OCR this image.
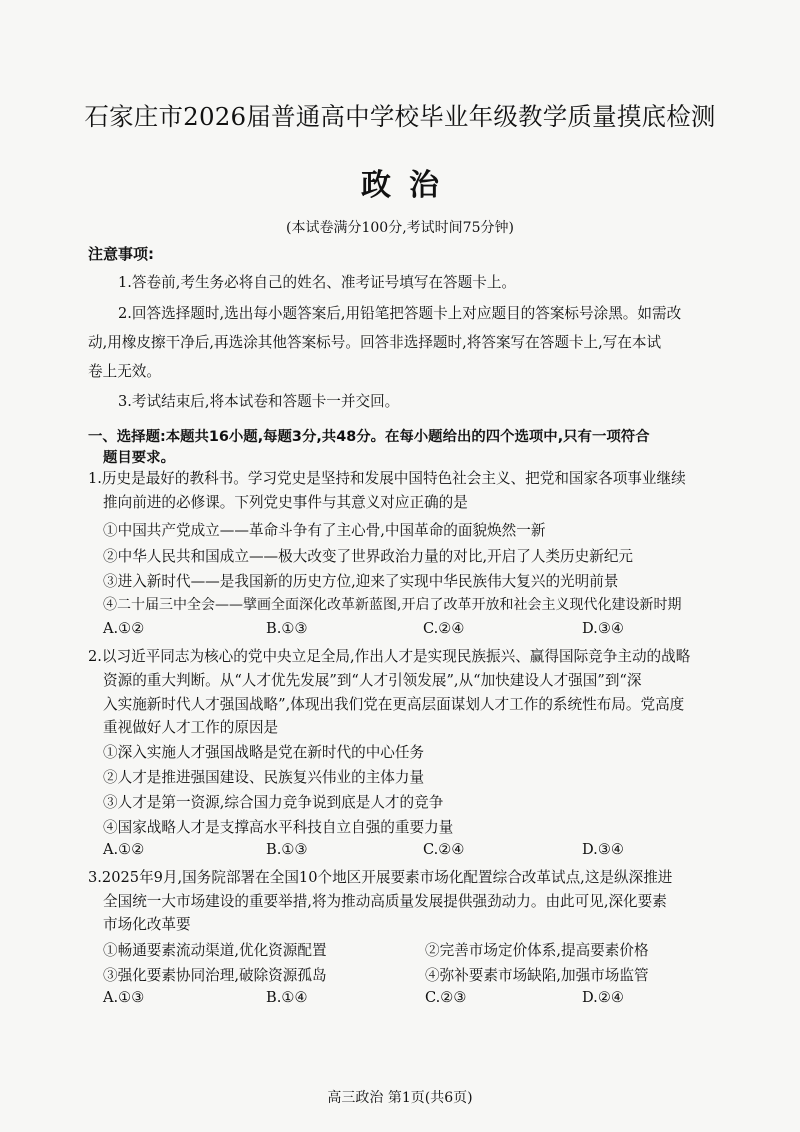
石家庄市2026届普通高中学校毕业年级教学质量摸底检测
政治
(本试卷满分100分,考试时间75分钟)
注意事项:
1.答卷前,考生务必将自己的姓名、准考证号填写在答题卡上。
2.回答选择题时,选出每小题答案后,用铅笔把答题卡上对应题目的答案标号涂黑。如需改
动,用橡皮擦干净后,再选涂其他答案标号。回答非选择题时,将答案写在答题卡上,写在本试
卷上无效。
3.考试结束后,将本试卷和答题卡一并交回。
一、选择题:本题共16小题,每题3分,共48分。在每小题给出的四个选项中,只有一项符合
题目要求。
1.历史是最好的教科书。学习党史是坚持和发展中国特色社会主义、把党和国家各项事业继续
推向前进的必修课。下列党史事件与其意义对应正确的是
①中国共产党成立——革命斗争有了主心骨,中国革命的面貌焕然一新
②中华人民共和国成立——极大改变了世界政治力量的对比,开启了人类历史新纪元
③进入新时代——是我国新的历史方位,迎来了实现中华民族伟大复兴的光明前景
④二十届三中全会——擘画全面深化改革新蓝图,开启了改革开放和社会主义现代化建设新时期
A.①②	B.①③	C.②④	D.③④
2.以习近平同志为核心的党中央立足全局,作出人才是实现民族振兴、赢得国际竞争主动的战略
资源的重大判断。从“人才优先发展”到“人才引领发展”,从“加快建设人才强国”到“深
入实施新时代人才强国战略”,体现出我们党在更高层面谋划人才工作的系统性布局。党高度
重视做好人才工作的原因是
①深入实施人才强国战略是党在新时代的中心任务
②人才是推进强国建设、民族复兴伟业的主体力量
③人才是第一资源,综合国力竞争说到底是人才的竞争
④国家战略人才是支撑高水平科技自立自强的重要力量
A.①②	B.①③	C.②④	D.③④
3.2025年9月,国务院部署在全国10个地区开展要素市场化配置综合改革试点,这是纵深推进
全国统一大市场建设的重要举措,将为推动高质量发展提供强劲动力。由此可见,深化要素
市场化改革要
①畅通要素流动渠道,优化资源配置	②完善市场定价体系,提高要素价格
③强化要素协同治理,破除资源孤岛	④弥补要素市场缺陷,加强市场监管
A.①③	B.①④	C.②③	D.②④
高三政治 第1页(共6页)
